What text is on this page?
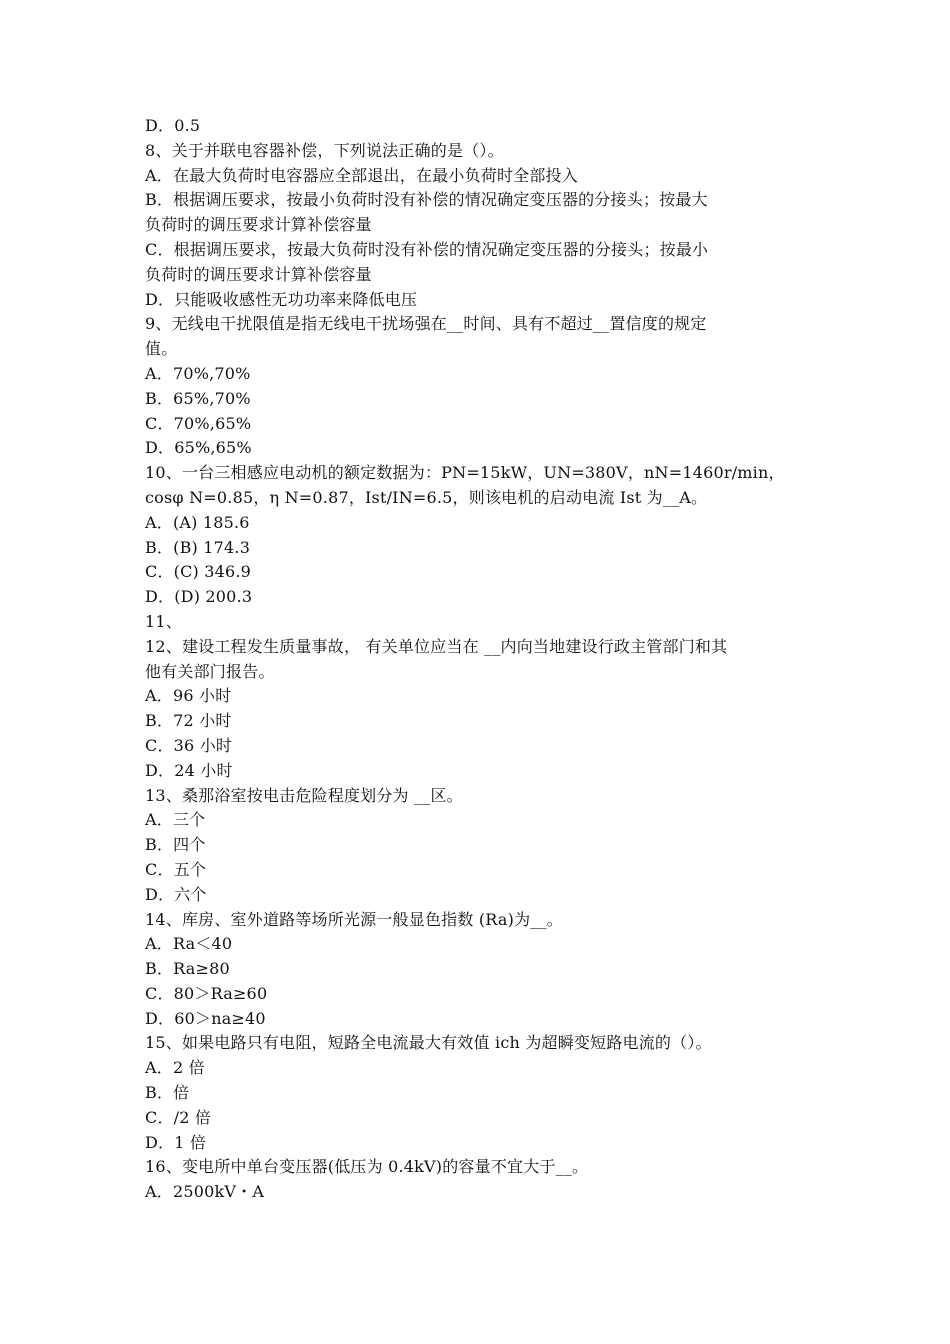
D．0.5
8、关于并联电容器补偿，下列说法正确的是（）。
A．在最大负荷时电容器应全部退出，在最小负荷时全部投入
B．根据调压要求，按最小负荷时没有补偿的情况确定变压器的分接头；按最大
负荷时的调压要求计算补偿容量
C．根据调压要求，按最大负荷时没有补偿的情况确定变压器的分接头；按最小
负荷时的调压要求计算补偿容量
D．只能吸收感性无功功率来降低电压
9、无线电干扰限值是指无线电干扰场强在__时间、具有不超过__置信度的规定
值。
A．70%,70%
B．65%,70%
C．70%,65%
D．65%,65%
10、一台三相感应电动机的额定数据为：PN=15kW，UN=380V，nN=1460r/min，
cosφ N=0.85，η N=0.87，Ist/IN=6.5，则该电机的启动电流 Ist 为__A。
A．(A) 185.6
B．(B) 174.3
C．(C) 346.9
D．(D) 200.3
11、
12、建设工程发生质量事故， 有关单位应当在 __内向当地建设行政主管部门和其
他有关部门报告。
A．96 小时
B．72 小时
C．36 小时
D．24 小时
13、桑那浴室按电击危险程度划分为 __区。
A．三个
B．四个
C．五个
D．六个
14、库房、室外道路等场所光源一般显色指数 (Ra)为__。
A．Ra＜40
B．Ra≥80
C．80＞Ra≥60
D．60＞na≥40
15、如果电路只有电阻，短路全电流最大有效值 ich 为超瞬变短路电流的（）。
A．2 倍
B．倍
C．/2 倍
D．1 倍
16、变电所中单台变压器(低压为 0.4kV)的容量不宜大于__。
A．2500kV・A
